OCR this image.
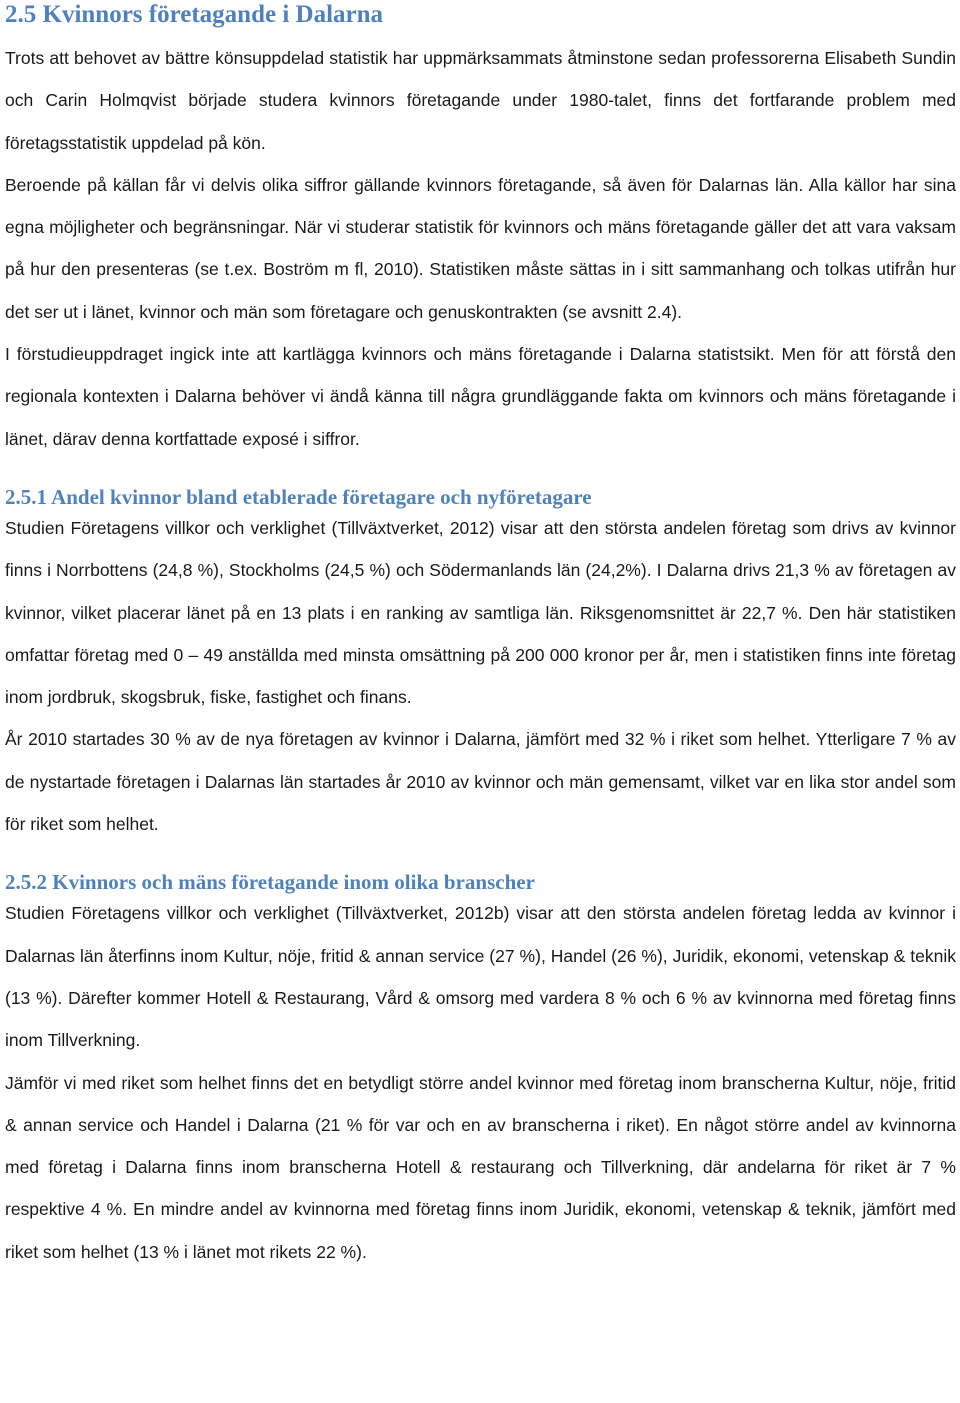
2.5 Kvinnors företagande i Dalarna

Trots att behovet av bättre könsuppdelad statistik har uppmärksammats åtminstone sedan professorerna Elisabeth Sundin och Carin Holmqvist började studera kvinnors företagande under 1980-talet, finns det fortfarande problem med företagsstatistik uppdelad på kön.

Beroende på källan får vi delvis olika siffror gällande kvinnors företagande, så även för Dalarnas län. Alla källor har sina egna möjligheter och begränsningar. När vi studerar statistik för kvinnors och mäns företagande gäller det att vara vaksam på hur den presenteras (se t.ex. Boström m fl, 2010). Statistiken måste sättas in i sitt sammanhang och tolkas utifrån hur det ser ut i länet, kvinnor och män som företagare och genuskontrakten (se avsnitt 2.4).

I förstudieuppdraget ingick inte att kartlägga kvinnors och mäns företagande i Dalarna statistsikt. Men för att förstå den regionala kontexten i Dalarna behöver vi ändå känna till några grundläggande fakta om kvinnors och mäns företagande i länet, därav denna kortfattade exposé i siffror.

2.5.1 Andel kvinnor bland etablerade företagare och nyföretagare

Studien Företagens villkor och verklighet (Tillväxtverket, 2012) visar att den största andelen företag som drivs av kvinnor finns i Norrbottens (24,8 %), Stockholms (24,5 %) och Södermanlands län (24,2%). I Dalarna drivs 21,3 % av företagen av kvinnor, vilket placerar länet på en 13 plats i en ranking av samtliga län. Riksgenomsnittet är 22,7 %. Den här statistiken omfattar företag med 0 – 49 anställda med minsta omsättning på 200 000 kronor per år, men i statistiken finns inte företag inom jordbruk, skogsbruk, fiske, fastighet och finans.

År 2010 startades 30 % av de nya företagen av kvinnor i Dalarna, jämfört med 32 % i riket som helhet. Ytterligare 7 % av de nystartade företagen i Dalarnas län startades år 2010 av kvinnor och män gemensamt, vilket var en lika stor andel som för riket som helhet.

2.5.2 Kvinnors och mäns företagande inom olika branscher

Studien Företagens villkor och verklighet (Tillväxtverket, 2012b) visar att den största andelen företag ledda av kvinnor i Dalarnas län återfinns inom Kultur, nöje, fritid & annan service (27 %), Handel (26 %), Juridik, ekonomi, vetenskap & teknik (13 %). Därefter kommer Hotell & Restaurang, Vård & omsorg med vardera 8 % och 6 % av kvinnorna med företag finns inom Tillverkning.

Jämför vi med riket som helhet finns det en betydligt större andel kvinnor med företag inom branscherna Kultur, nöje, fritid & annan service och Handel i Dalarna (21 % för var och en av branscherna i riket). En något större andel av kvinnorna med företag i Dalarna finns inom branscherna Hotell & restaurang och Tillverkning, där andelarna för riket är 7 % respektive 4 %. En mindre andel av kvinnorna med företag finns inom Juridik, ekonomi, vetenskap & teknik, jämfört med riket som helhet (13 % i länet mot rikets 22 %).
